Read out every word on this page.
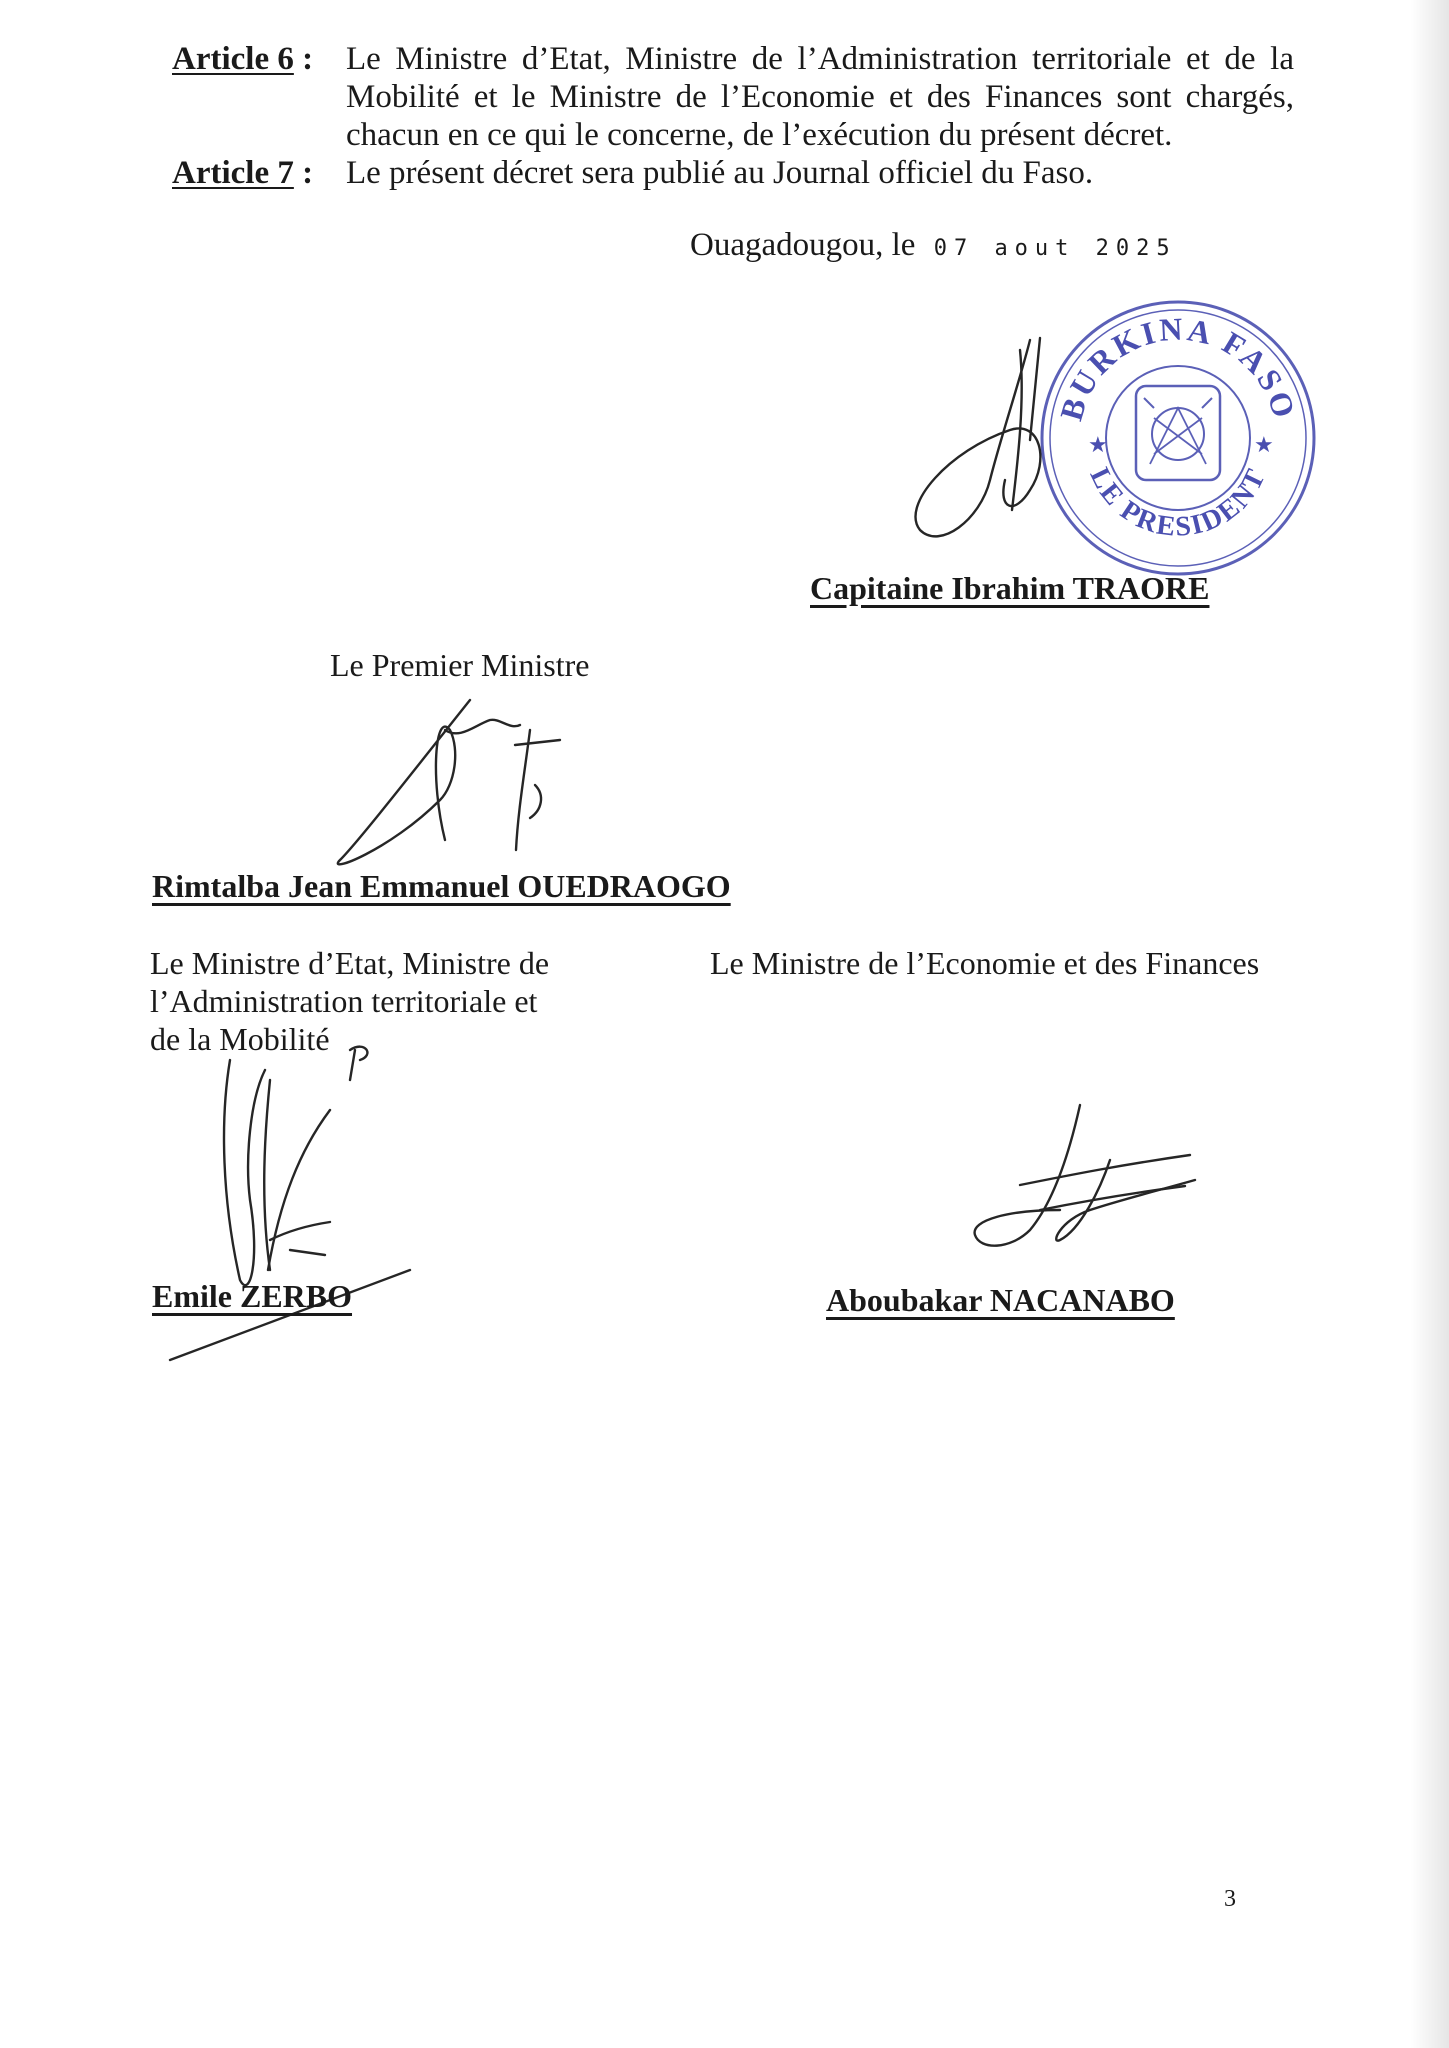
Article 6 : Le Ministre d’Etat, Ministre de l’Administration territoriale et de la
Mobilité et le Ministre de l’Economie et des Finances sont chargés,
chacun en ce qui le concerne, de l’exécution du présent décret.
Article 7 : Le présent décret sera publié au Journal officiel du Faso.
Ouagadougou, le 07 aout 2025
BURKINA FASO
LE PRESIDENT
★	★
Capitaine Ibrahim TRAORE
Le Premier Ministre
Rimtalba Jean Emmanuel OUEDRAOGO
Le Ministre d’Etat, Ministre de
l’Administration territoriale et
de la Mobilité
Emile ZERBO
Le Ministre de l’Economie et des Finances
Aboubakar NACANABO
3
